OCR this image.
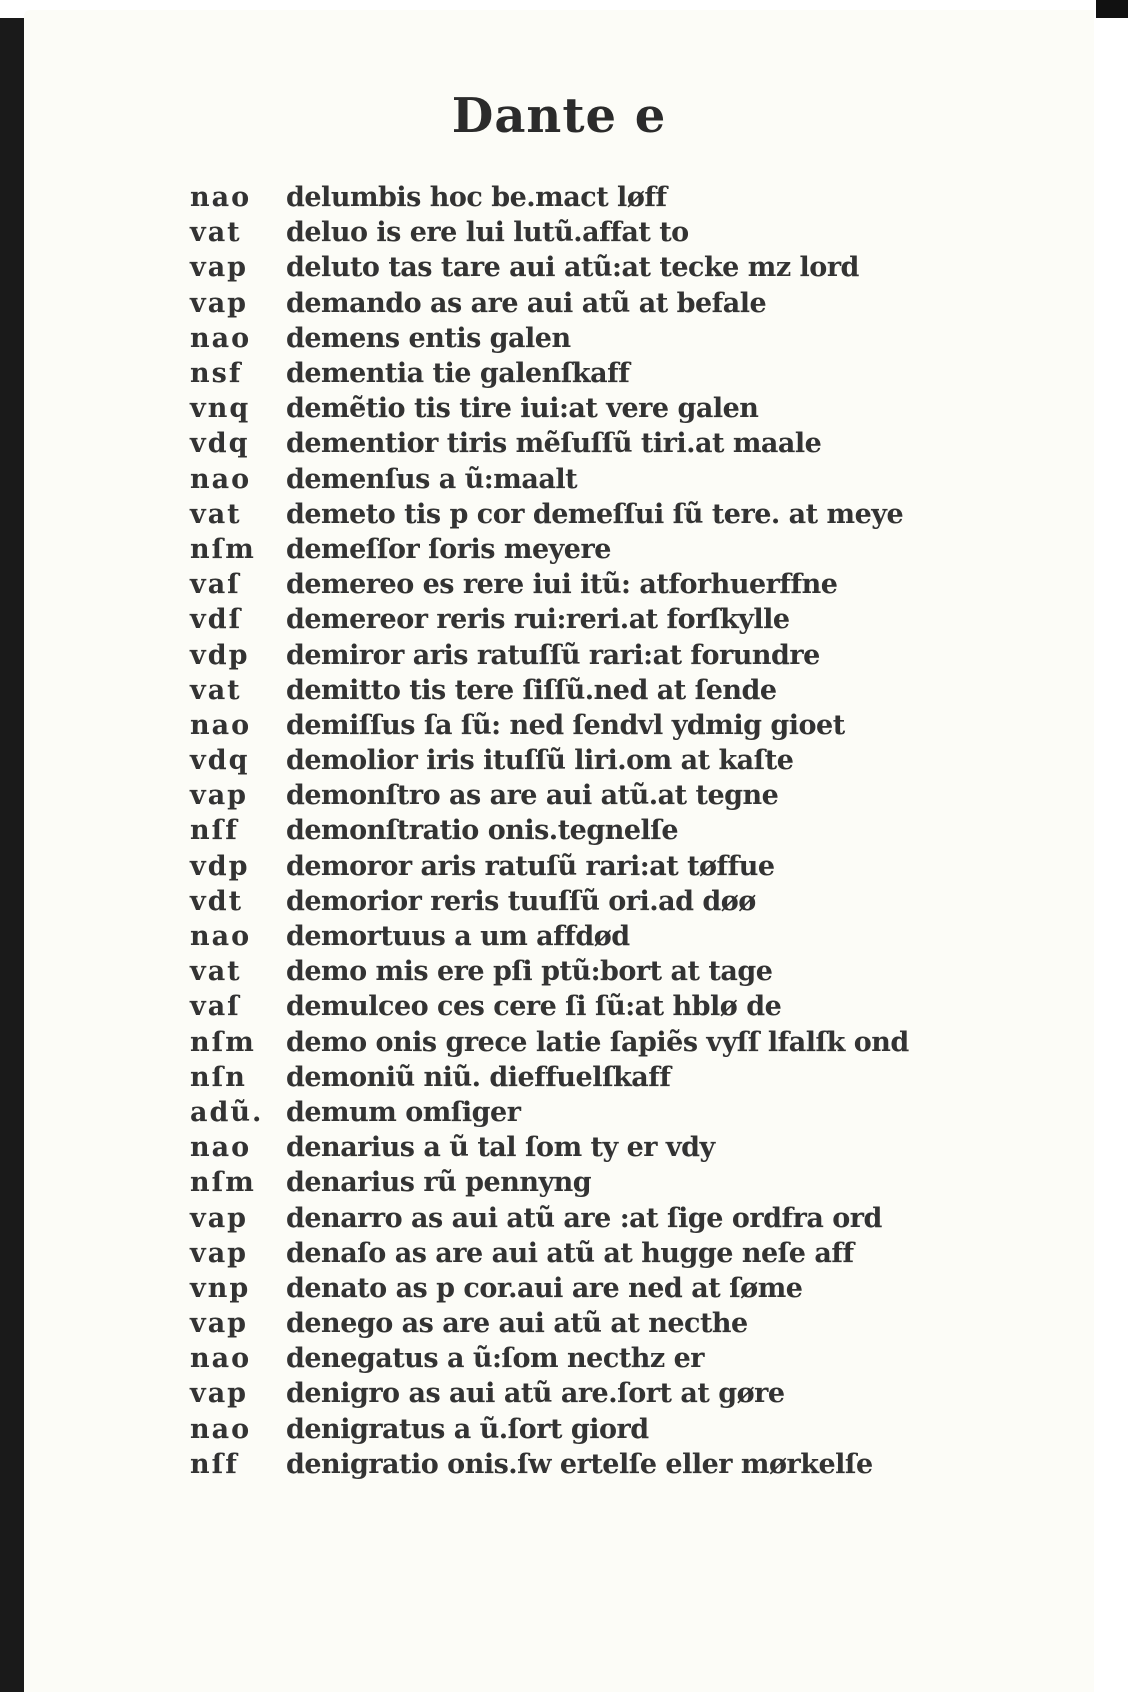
Dante e
nao	delumbis hoc be.mact løff
vat	deluo is ere lui lutũ.affat to
vap	deluto tas tare aui atũ:at tecke mz lord
vap	demando as are aui atũ at befale
nao	demens entis galen
nsf	dementia tie galenſkaff
vnq	demẽtio tis tire iui:at vere galen
vdq	dementior tiris mẽſuſſũ tiri.at maale
nao	demenſus a ũ:maalt
vat	demeto tis p cor demeſſui ſũ tere. at meye
nſm	demeſſor ſoris meyere
vaſ	demereo es rere iui itũ: atforhuerffne
vdſ	demereor reris rui:reri.at forſkylle
vdp	demiror aris ratuſſũ rari:at forundre
vat	demitto tis tere ſiſſũ.ned at ſende
nao	demiſſus ſa ſũ: ned ſendvl ydmig gioet
vdq	demolior iris ituſſũ liri.om at kaſte
vap	demonſtro as are aui atũ.at tegne
nſf	demonſtratio onis.tegnelſe
vdp	demoror aris ratuſũ rari:at tøffue
vdt	demorior reris tuuſſũ ori.ad døø
nao	demortuus a um affdød
vat	demo mis ere pſi ptũ:bort at tage
vaſ	demulceo ces cere ſi ſũ:at hblø de
nſm	demo onis grece latie ſapiẽs vyſſ lfalſk ond
nſn	demoniũ niũ. dieffuelſkaff
adũ. demum omſiger
nao	denarius a ũ tal ſom ty er vdy
nſm	denarius rũ pennyng
vap	denarro as aui atũ are :at ſige ordfra ord
vap	denaſo as are aui atũ at hugge neſe aff
vnp	denato as p cor.aui are ned at ſøme
vap	denego as are aui atũ at necthe
nao	denegatus a ũ:ſom necthz er
vap	denigro as aui atũ are.ſort at gøre
nao	denigratus a ũ.ſort giord
nſf	denigratio onis.ſw ertelſe eller mørkelſe
